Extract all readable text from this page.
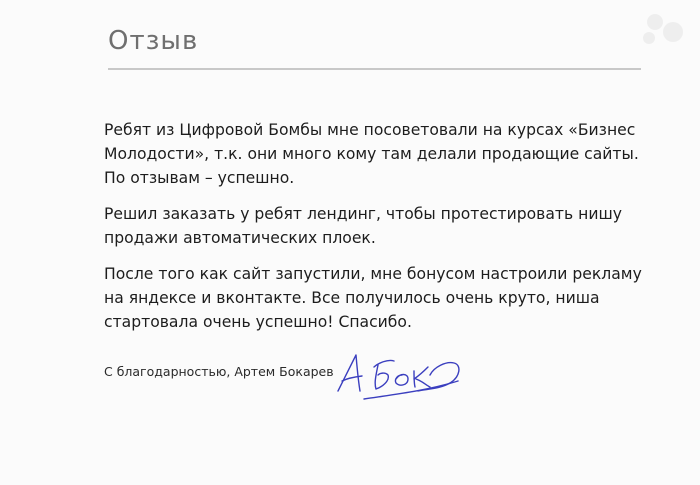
Отзыв

Ребят из Цифровой Бомбы мне посоветовали на курсах «Бизнес Молодости», т.к. они много кому там делали продающие сайты. По отзывам – успешно.

Решил заказать у ребят лендинг, чтобы протестировать нишу продажи автоматических плоек.

После того как сайт запустили, мне бонусом настроили рекламу на яндексе и вконтакте. Все получилось очень круто, ниша стартовала очень успешно! Спасибо.

С благодарностью, Артем Бокарев
